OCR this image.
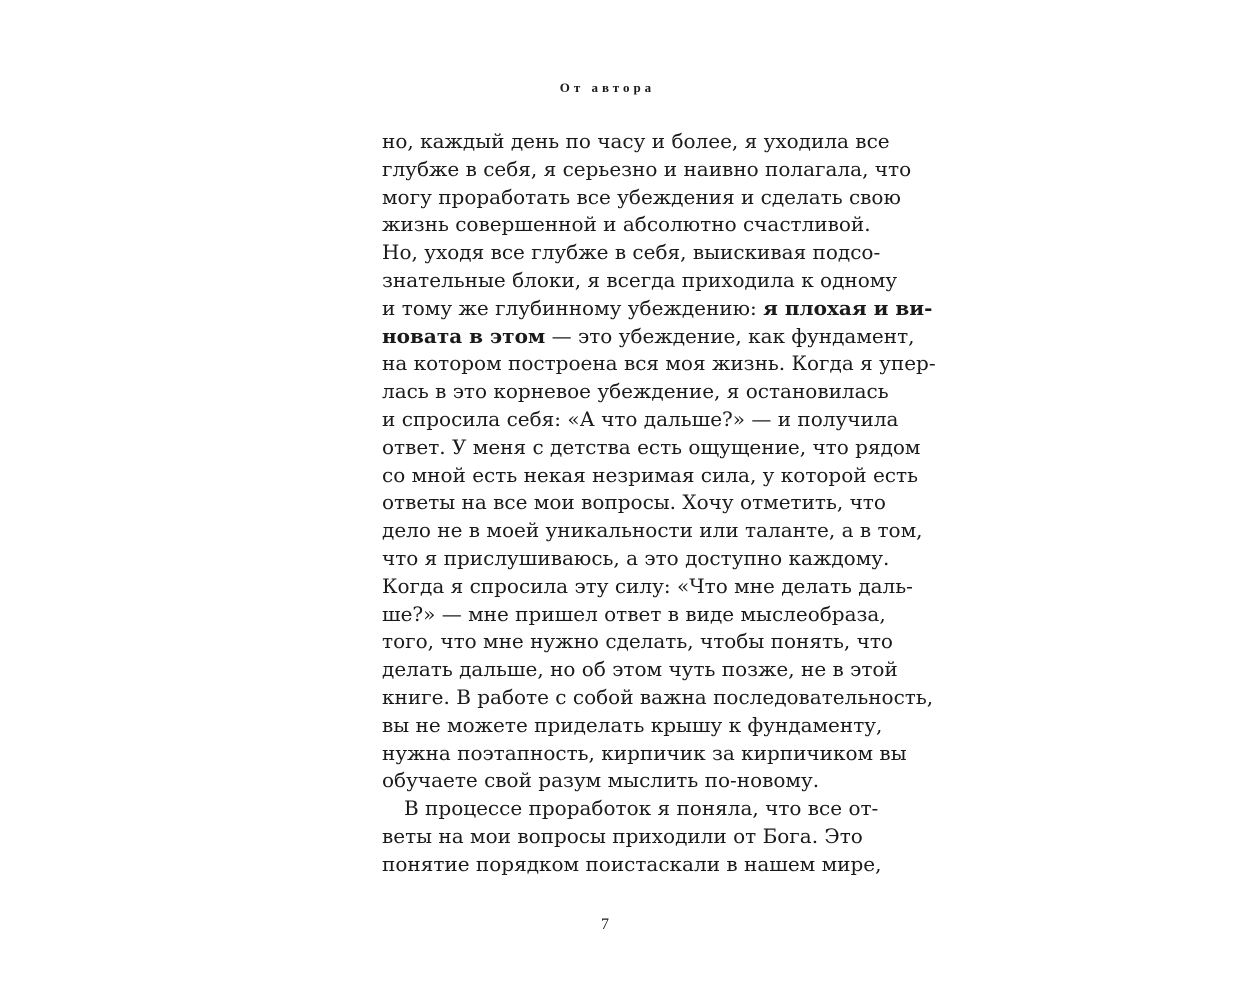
От автора
но, каждый день по часу и более, я уходила все
глубже в себя, я серьезно и наивно полагала, что
могу проработать все убеждения и сделать свою
жизнь совершенной и абсолютно счастливой.
Но, уходя все глубже в себя, выискивая подсо-
знательные блоки, я всегда приходила к одному
и тому же глубинному убеждению: я плохая и ви-
новата в этом — это убеждение, как фундамент,
на котором построена вся моя жизнь. Когда я упер-
лась в это корневое убеждение, я остановилась
и спросила себя: «А что дальше?» — и получила
ответ. У меня с детства есть ощущение, что рядом
со мной есть некая незримая сила, у которой есть
ответы на все мои вопросы. Хочу отметить, что
дело не в моей уникальности или таланте, а в том,
что я прислушиваюсь, а это доступно каждому.
Когда я спросила эту силу: «Что мне делать даль-
ше?» — мне пришел ответ в виде мыслеобраза,
того, что мне нужно сделать, чтобы понять, что
делать дальше, но об этом чуть позже, не в этой
книге. В работе с собой важна последовательность,
вы не можете приделать крышу к фундаменту,
нужна поэтапность, кирпичик за кирпичиком вы
обучаете свой разум мыслить по-новому.
В процессе проработок я поняла, что все от-
веты на мои вопросы приходили от Бога. Это
понятие порядком поистаскали в нашем мире,
7
